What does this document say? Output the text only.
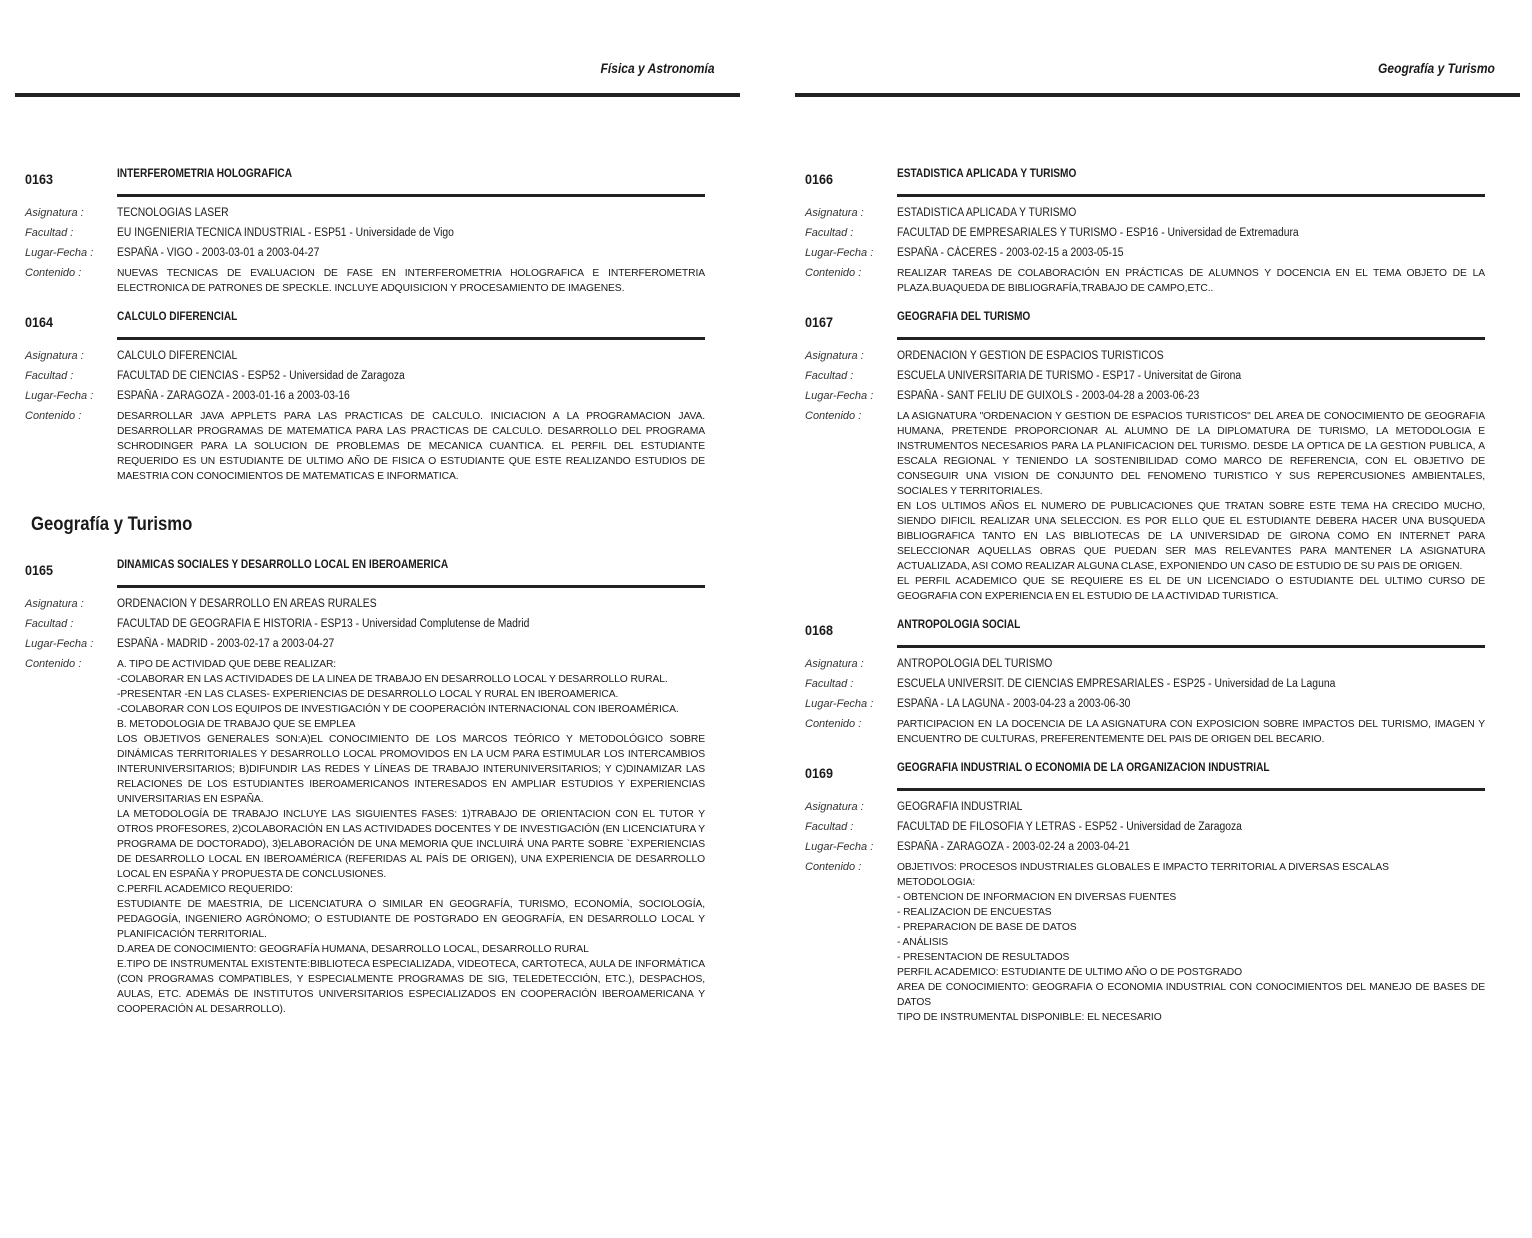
Física y Astronomía
0163	INTERFEROMETRIA HOLOGRAFICA
Asignatura :	TECNOLOGIAS LASER
Facultad :	EU INGENIERIA TECNICA INDUSTRIAL - ESP51 - Universidade de Vigo
Lugar-Fecha :	ESPAÑA - VIGO - 2003-03-01 a 2003-04-27
Contenido :	NUEVAS TECNICAS DE EVALUACION DE FASE EN INTERFEROMETRIA HOLOGRAFICA E INTERFEROMETRIA ELECTRONICA DE PATRONES DE SPECKLE. INCLUYE ADQUISICION Y PROCESAMIENTO DE IMAGENES.
0164	CALCULO DIFERENCIAL
Asignatura :	CALCULO DIFERENCIAL
Facultad :	FACULTAD DE CIENCIAS - ESP52 - Universidad de Zaragoza
Lugar-Fecha :	ESPAÑA - ZARAGOZA - 2003-01-16 a 2003-03-16
Contenido :	DESARROLLAR JAVA APPLETS PARA LAS PRACTICAS DE CALCULO. INICIACION A LA PROGRAMACION JAVA. DESARROLLAR PROGRAMAS DE MATEMATICA PARA LAS PRACTICAS DE CALCULO. DESARROLLO DEL PROGRAMA SCHRODINGER PARA LA SOLUCION DE PROBLEMAS DE MECANICA CUANTICA. EL PERFIL DEL ESTUDIANTE REQUERIDO ES UN ESTUDIANTE DE ULTIMO AÑO DE FISICA O ESTUDIANTE QUE ESTE REALIZANDO ESTUDIOS DE MAESTRIA CON CONOCIMIENTOS DE MATEMATICAS E INFORMATICA.
Geografía y Turismo
0165	DINAMICAS SOCIALES Y DESARROLLO LOCAL EN IBEROAMERICA
Asignatura :	ORDENACION Y DESARROLLO EN AREAS RURALES
Facultad :	FACULTAD DE GEOGRAFIA E HISTORIA - ESP13 - Universidad Complutense de Madrid
Lugar-Fecha :	ESPAÑA - MADRID - 2003-02-17 a 2003-04-27
Contenido :	A. TIPO DE ACTIVIDAD QUE DEBE REALIZAR:
-COLABORAR EN LAS ACTIVIDADES DE LA LINEA DE TRABAJO EN DESARROLLO LOCAL Y DESARROLLO RURAL.
-PRESENTAR -EN LAS CLASES- EXPERIENCIAS DE DESARROLLO LOCAL Y RURAL EN IBEROAMERICA.
-COLABORAR CON LOS EQUIPOS DE INVESTIGACIÓN Y DE COOPERACIÓN INTERNACIONAL CON IBEROAMÉRICA.
B. METODOLOGIA DE TRABAJO QUE SE EMPLEA
LOS OBJETIVOS GENERALES SON:A)EL CONOCIMIENTO DE LOS MARCOS TEÓRICO Y METODOLÓGICO SOBRE DINÁMICAS TERRITORIALES Y DESARROLLO LOCAL PROMOVIDOS EN LA UCM PARA ESTIMULAR LOS INTERCAMBIOS INTERUNIVERSITARIOS; B)DIFUNDIR LAS REDES Y LÍNEAS DE TRABAJO INTERUNIVERSITARIOS; Y C)DINAMIZAR LAS RELACIONES DE LOS ESTUDIANTES IBEROAMERICANOS INTERESADOS EN AMPLIAR ESTUDIOS Y EXPERIENCIAS UNIVERSITARIAS EN ESPAÑA.
LA METODOLOGÍA DE TRABAJO INCLUYE LAS SIGUIENTES FASES: 1)TRABAJO DE ORIENTACION CON EL TUTOR Y OTROS PROFESORES, 2)COLABORACIÓN EN LAS ACTIVIDADES DOCENTES Y DE INVESTIGACIÓN (EN LICENCIATURA Y PROGRAMA DE DOCTORADO), 3)ELABORACIÓN DE UNA MEMORIA QUE INCLUIRÁ UNA PARTE SOBRE `EXPERIENCIAS DE DESARROLLO LOCAL EN IBEROAMÉRICA (REFERIDAS AL PAÍS DE ORIGEN), UNA EXPERIENCIA DE DESARROLLO LOCAL EN ESPAÑA Y PROPUESTA DE CONCLUSIONES.
C.PERFIL ACADEMICO REQUERIDO:
ESTUDIANTE DE MAESTRIA, DE LICENCIATURA O SIMILAR EN GEOGRAFÍA, TURISMO, ECONOMÍA, SOCIOLOGÍA, PEDAGOGÍA, INGENIERO AGRÓNOMO; O ESTUDIANTE DE POSTGRADO EN GEOGRAFÍA, EN DESARROLLO LOCAL Y PLANIFICACIÓN TERRITORIAL.
D.AREA DE CONOCIMIENTO: GEOGRAFÍA HUMANA, DESARROLLO LOCAL, DESARROLLO RURAL
E.TIPO DE INSTRUMENTAL EXISTENTE:BIBLIOTECA ESPECIALIZADA, VIDEOTECA, CARTOTECA, AULA DE INFORMÁTICA (CON PROGRAMAS COMPATIBLES, Y ESPECIALMENTE PROGRAMAS DE SIG, TELEDETECCIÓN, ETC.), DESPACHOS, AULAS, ETC. ADEMÁS DE INSTITUTOS UNIVERSITARIOS ESPECIALIZADOS EN COOPERACIÓN IBEROAMERICANA Y COOPERACIÓN AL DESARROLLO).
Geografía y Turismo
0166	ESTADISTICA APLICADA Y TURISMO
Asignatura :	ESTADISTICA APLICADA Y TURISMO
Facultad :	FACULTAD DE EMPRESARIALES Y TURISMO - ESP16 - Universidad de Extremadura
Lugar-Fecha :	ESPAÑA - CÁCERES - 2003-02-15 a 2003-05-15
Contenido :	REALIZAR TAREAS DE COLABORACIÓN EN PRÁCTICAS DE ALUMNOS Y DOCENCIA EN EL TEMA OBJETO DE LA PLAZA.BUAQUEDA DE BIBLIOGRAFÍA,TRABAJO DE CAMPO,ETC..
0167	GEOGRAFIA DEL TURISMO
Asignatura :	ORDENACION Y GESTION DE ESPACIOS TURISTICOS
Facultad :	ESCUELA UNIVERSITARIA DE TURISMO - ESP17 - Universitat de Girona
Lugar-Fecha :	ESPAÑA - SANT FELIU DE GUIXOLS - 2003-04-28 a 2003-06-23
Contenido :	LA ASIGNATURA "ORDENACION Y GESTION DE ESPACIOS TURISTICOS" DEL AREA DE CONOCIMIENTO DE GEOGRAFIA HUMANA, PRETENDE PROPORCIONAR AL ALUMNO DE LA DIPLOMATURA DE TURISMO, LA METODOLOGIA E INSTRUMENTOS NECESARIOS PARA LA PLANIFICACION DEL TURISMO. DESDE LA OPTICA DE LA GESTION PUBLICA, A ESCALA REGIONAL Y TENIENDO LA SOSTENIBILIDAD COMO MARCO DE REFERENCIA, CON EL OBJETIVO DE CONSEGUIR UNA VISION DE CONJUNTO DEL FENOMENO TURISTICO Y SUS REPERCUSIONES AMBIENTALES, SOCIALES Y TERRITORIALES.
EN LOS ULTIMOS AÑOS EL NUMERO DE PUBLICACIONES QUE TRATAN SOBRE ESTE TEMA HA CRECIDO MUCHO, SIENDO DIFICIL REALIZAR UNA SELECCION. ES POR ELLO QUE EL ESTUDIANTE DEBERA HACER UNA BUSQUEDA BIBLIOGRAFICA TANTO EN LAS BIBLIOTECAS DE LA UNIVERSIDAD DE GIRONA COMO EN INTERNET PARA SELECCIONAR AQUELLAS OBRAS QUE PUEDAN SER MAS RELEVANTES PARA MANTENER LA ASIGNATURA ACTUALIZADA, ASI COMO REALIZAR ALGUNA CLASE, EXPONIENDO UN CASO DE ESTUDIO DE SU PAIS DE ORIGEN.
EL PERFIL ACADEMICO QUE SE REQUIERE ES EL DE UN LICENCIADO O ESTUDIANTE DEL ULTIMO CURSO DE GEOGRAFIA CON EXPERIENCIA EN EL ESTUDIO DE LA ACTIVIDAD TURISTICA.
0168	ANTROPOLOGIA SOCIAL
Asignatura :	ANTROPOLOGIA DEL TURISMO
Facultad :	ESCUELA UNIVERSIT. DE CIENCIAS EMPRESARIALES - ESP25 - Universidad de La Laguna
Lugar-Fecha :	ESPAÑA - LA LAGUNA - 2003-04-23 a 2003-06-30
Contenido :	PARTICIPACION EN LA DOCENCIA DE LA ASIGNATURA CON EXPOSICION SOBRE IMPACTOS DEL TURISMO, IMAGEN Y ENCUENTRO DE CULTURAS, PREFERENTEMENTE DEL PAIS DE ORIGEN DEL BECARIO.
0169	GEOGRAFIA INDUSTRIAL O ECONOMIA DE LA ORGANIZACION INDUSTRIAL
Asignatura :	GEOGRAFIA INDUSTRIAL
Facultad :	FACULTAD DE FILOSOFIA Y LETRAS - ESP52 - Universidad de Zaragoza
Lugar-Fecha :	ESPAÑA - ZARAGOZA - 2003-02-24 a 2003-04-21
Contenido :	OBJETIVOS: PROCESOS INDUSTRIALES GLOBALES E IMPACTO TERRITORIAL A DIVERSAS ESCALAS
METODOLOGIA:
- OBTENCION DE INFORMACION EN DIVERSAS FUENTES
- REALIZACION DE ENCUESTAS
- PREPARACION DE BASE DE DATOS
- ANÁLISIS
- PRESENTACION DE RESULTADOS
PERFIL ACADEMICO: ESTUDIANTE DE ULTIMO AÑO O DE POSTGRADO
AREA DE CONOCIMIENTO: GEOGRAFIA O ECONOMIA INDUSTRIAL CON CONOCIMIENTOS DEL MANEJO DE BASES DE DATOS
TIPO DE INSTRUMENTAL DISPONIBLE: EL NECESARIO
